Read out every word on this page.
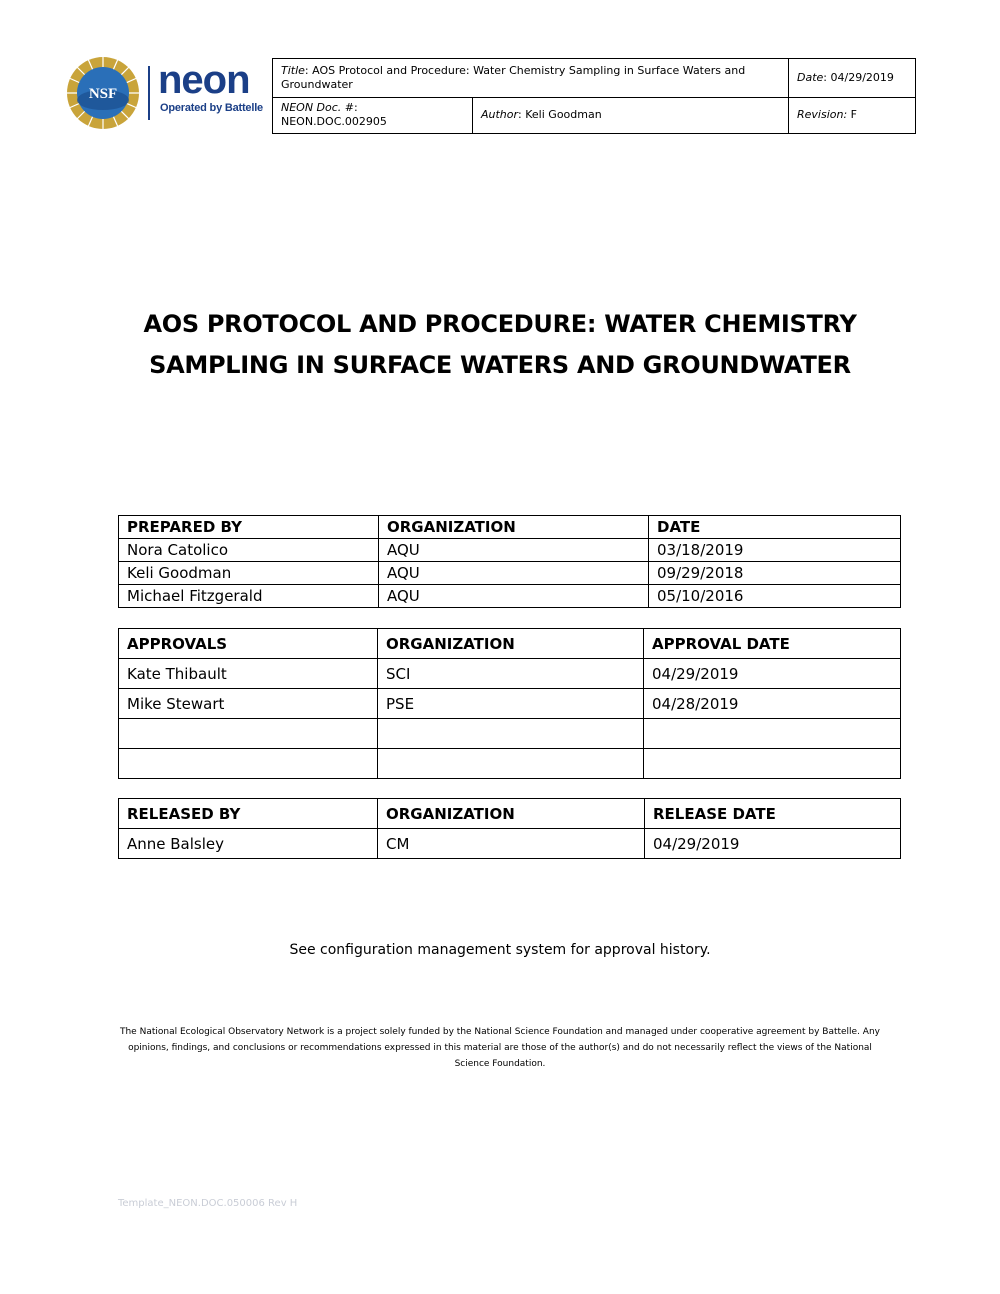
NSF neon
Operated by Battelle
Title: AOS Protocol and Procedure: Water Chemistry Sampling in Surface Waters and Groundwater		Date: 04/29/2019
NEON Doc. #: NEON.DOC.002905	Author: Keli Goodman	Revision: F
AOS PROTOCOL AND PROCEDURE: WATER CHEMISTRY SAMPLING IN SURFACE WATERS AND GROUNDWATER
PREPARED BY	ORGANIZATION	DATE
Nora Catolico	AQU	03/18/2019
Keli Goodman	AQU	09/29/2018
Michael Fitzgerald	AQU	05/10/2016
APPROVALS	ORGANIZATION	APPROVAL DATE
Kate Thibault	SCI	04/29/2019
Mike Stewart	PSE	04/28/2019

RELEASED BY	ORGANIZATION	RELEASE DATE
Anne Balsley	CM	04/29/2019
See configuration management system for approval history.
The National Ecological Observatory Network is a project solely funded by the National Science Foundation and managed under cooperative agreement by Battelle. Any opinions, findings, and conclusions or recommendations expressed in this material are those of the author(s) and do not necessarily reflect the views of the National Science Foundation.
Template_NEON.DOC.050006 Rev H
